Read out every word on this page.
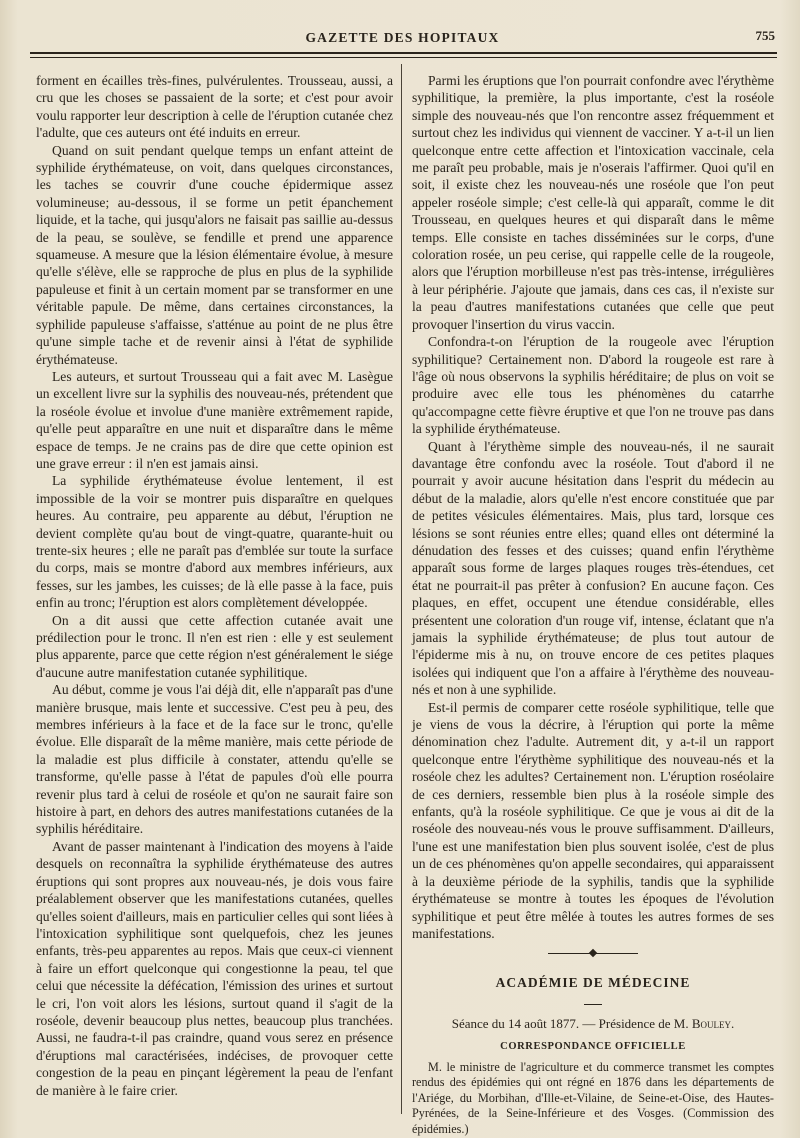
GAZETTE DES HOPITAUX	755

forment en écailles très-fines, pulvérulentes. Trousseau, aussi, a cru que les choses se passaient de la sorte; et c'est pour avoir voulu rapporter leur description à celle de l'éruption cutanée chez l'adulte, que ces auteurs ont été induits en erreur.

Quand on suit pendant quelque temps un enfant atteint de syphilide érythémateuse, on voit, dans quelques circonstances, les taches se couvrir d'une couche épidermique assez volumineuse; au-dessous, il se forme un petit épanchement liquide, et la tache, qui jusqu'alors ne faisait pas saillie au-dessus de la peau, se soulève, se fendille et prend une apparence squameuse. A mesure que la lésion élémentaire évolue, à mesure qu'elle s'élève, elle se rapproche de plus en plus de la syphilide papuleuse et finit à un certain moment par se transformer en une véritable papule. De même, dans certaines circonstances, la syphilide papuleuse s'affaisse, s'atténue au point de ne plus être qu'une simple tache et de revenir ainsi à l'état de syphilide érythémateuse.

Les auteurs, et surtout Trousseau qui a fait avec M. Lasègue un excellent livre sur la syphilis des nouveau-nés, prétendent que la roséole évolue et involue d'une manière extrêmement rapide, qu'elle peut apparaître en une nuit et disparaître dans le même espace de temps. Je ne crains pas de dire que cette opinion est une grave erreur : il n'en est jamais ainsi.

La syphilide érythémateuse évolue lentement, il est impossible de la voir se montrer puis disparaître en quelques heures. Au contraire, peu apparente au début, l'éruption ne devient complète qu'au bout de vingt-quatre, quarante-huit ou trente-six heures ; elle ne paraît pas d'emblée sur toute la surface du corps, mais se montre d'abord aux membres inférieurs, aux fesses, sur les jambes, les cuisses; de là elle passe à la face, puis enfin au tronc; l'éruption est alors complètement développée.

On a dit aussi que cette affection cutanée avait une prédilection pour le tronc. Il n'en est rien : elle y est seulement plus apparente, parce que cette région n'est généralement le siége d'aucune autre manifestation cutanée syphilitique.

Au début, comme je vous l'ai déjà dit, elle n'apparaît pas d'une manière brusque, mais lente et successive. C'est peu à peu, des membres inférieurs à la face et de la face sur le tronc, qu'elle évolue. Elle disparaît de la même manière, mais cette période de la maladie est plus difficile à constater, attendu qu'elle se transforme, qu'elle passe à l'état de papules d'où elle pourra revenir plus tard à celui de roséole et qu'on ne saurait faire son histoire à part, en dehors des autres manifestations cutanées de la syphilis héréditaire.

Avant de passer maintenant à l'indication des moyens à l'aide desquels on reconnaîtra la syphilide érythémateuse des autres éruptions qui sont propres aux nouveau-nés, je dois vous faire préalablement observer que les manifestations cutanées, quelles qu'elles soient d'ailleurs, mais en particulier celles qui sont liées à l'intoxication syphilitique sont quelquefois, chez les jeunes enfants, très-peu apparentes au repos. Mais que ceux-ci viennent à faire un effort quelconque qui congestionne la peau, tel que celui que nécessite la défécation, l'émission des urines et surtout le cri, l'on voit alors les lésions, surtout quand il s'agit de la roséole, devenir beaucoup plus nettes, beaucoup plus tranchées. Aussi, ne faudra-t-il pas craindre, quand vous serez en présence d'éruptions mal caractérisées, indécises, de provoquer cette congestion de la peau en pinçant légèrement la peau de l'enfant de manière à le faire crier.

Parmi les éruptions que l'on pourrait confondre avec l'érythème syphilitique, la première, la plus importante, c'est la roséole simple des nouveau-nés que l'on rencontre assez fréquemment et surtout chez les individus qui viennent de vacciner. Y a-t-il un lien quelconque entre cette affection et l'intoxication vaccinale, cela me paraît peu probable, mais je n'oserais l'affirmer. Quoi qu'il en soit, il existe chez les nouveau-nés une roséole que l'on peut appeler roséole simple; c'est celle-là qui apparaît, comme le dit Trousseau, en quelques heures et qui disparaît dans le même temps. Elle consiste en taches disséminées sur le corps, d'une coloration rosée, un peu cerise, qui rappelle celle de la rougeole, alors que l'éruption morbilleuse n'est pas très-intense, irrégulières à leur périphérie. J'ajoute que jamais, dans ces cas, il n'existe sur la peau d'autres manifestations cutanées que celle que peut provoquer l'insertion du virus vaccin.

Confondra-t-on l'éruption de la rougeole avec l'éruption syphilitique? Certainement non. D'abord la rougeole est rare à l'âge où nous observons la syphilis héréditaire; de plus on voit se produire avec elle tous les phénomènes du catarrhe qu'accompagne cette fièvre éruptive et que l'on ne trouve pas dans la syphilide érythémateuse.

Quant à l'érythème simple des nouveau-nés, il ne saurait davantage être confondu avec la roséole. Tout d'abord il ne pourrait y avoir aucune hésitation dans l'esprit du médecin au début de la maladie, alors qu'elle n'est encore constituée que par de petites vésicules élémentaires. Mais, plus tard, lorsque ces lésions se sont réunies entre elles; quand elles ont déterminé la dénudation des fesses et des cuisses; quand enfin l'érythème apparaît sous forme de larges plaques rouges très-étendues, cet état ne pourrait-il pas prêter à confusion? En aucune façon. Ces plaques, en effet, occupent une étendue considérable, elles présentent une coloration d'un rouge vif, intense, éclatant que n'a jamais la syphilide érythémateuse; de plus tout autour de l'épiderme mis à nu, on trouve encore de ces petites plaques isolées qui indiquent que l'on a affaire à l'érythème des nouveau-nés et non à une syphilide.

Est-il permis de comparer cette roséole syphilitique, telle que je viens de vous la décrire, à l'éruption qui porte la même dénomination chez l'adulte. Autrement dit, y a-t-il un rapport quelconque entre l'érythème syphilitique des nouveau-nés et la roséole chez les adultes? Certainement non. L'éruption roséolaire de ces derniers, ressemble bien plus à la roséole simple des enfants, qu'à la roséole syphilitique. Ce que je vous ai dit de la roséole des nouveau-nés vous le prouve suffisamment. D'ailleurs, l'une est une manifestation bien plus souvent isolée, c'est de plus un de ces phénomènes qu'on appelle secondaires, qui apparaissent à la deuxième période de la syphilis, tandis que la syphilide érythémateuse se montre à toutes les époques de l'évolution syphilitique et peut être mêlée à toutes les autres formes de ses manifestations.

ACADÉMIE DE MÉDECINE
Séance du 14 août 1877. — Présidence de M. Bouley.
CORRESPONDANCE OFFICIELLE

M. le ministre de l'agriculture et du commerce transmet les comptes rendus des épidémies qui ont régné en 1876 dans les départements de l'Ariége, du Morbihan, d'Ille-et-Vilaine, de Seine-et-Oise, des Hautes-Pyrénées, de la Seine-Inférieure et des Vosges. (Commission des épidémies.)
